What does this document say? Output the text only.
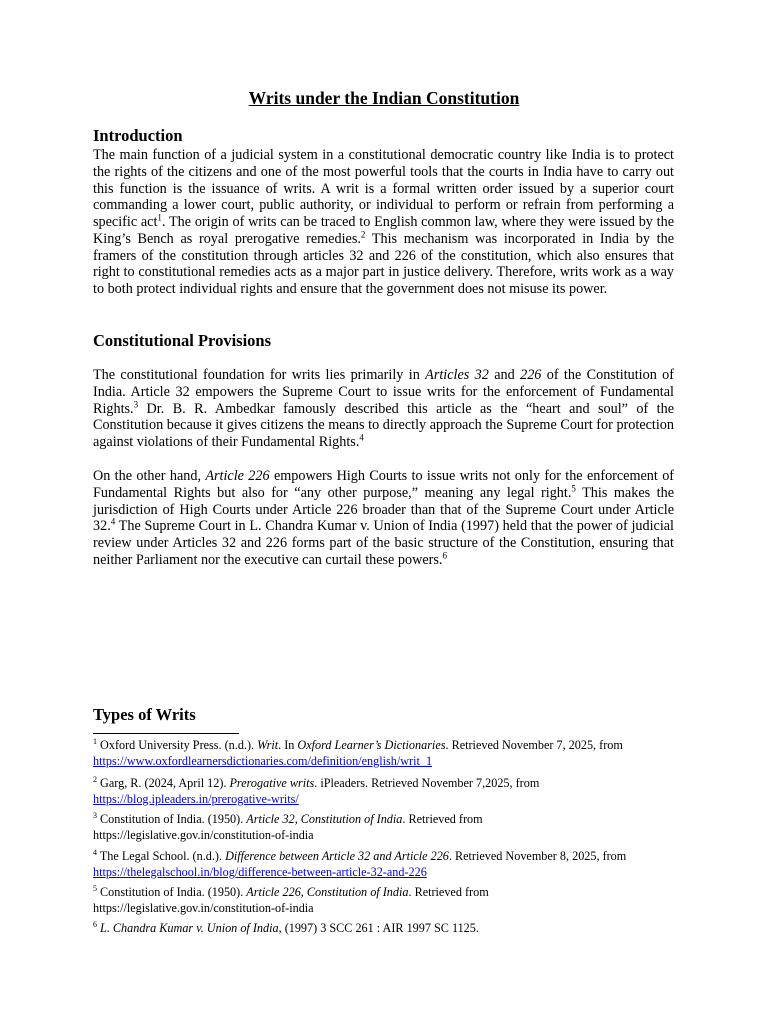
Writs under the Indian Constitution
Introduction

The main function of a judicial system in a constitutional democratic country like India is to protect the rights of the citizens and one of the most powerful tools that the courts in India have to carry out this function is the issuance of writs. A writ is a formal written order issued by a superior court commanding a lower court, public authority, or individual to perform or refrain from performing a specific act$^1$. The origin of writs can be traced to English common law, where they were issued by the King’s Bench as royal prerogative remedies.$^2$ This mechanism was incorporated in India by the framers of the constitution through articles 32 and 226 of the constitution, which also ensures that right to constitutional remedies acts as a major part in justice delivery. Therefore, writs work as a way to both protect individual rights and ensure that the government does not misuse its power.

Constitutional Provisions

The constitutional foundation for writs lies primarily in Articles 32 and 226 of the Constitution of India. Article 32 empowers the Supreme Court to issue writs for the enforcement of Fundamental Rights.$^3$ Dr. B. R. Ambedkar famously described this article as the “heart and soul” of the Constitution because it gives citizens the means to directly approach the Supreme Court for protection against violations of their Fundamental Rights.$^4$

On the other hand, Article 226 empowers High Courts to issue writs not only for the enforcement of Fundamental Rights but also for “any other purpose,” meaning any legal right.$^5$ This makes the jurisdiction of High Courts under Article 226 broader than that of the Supreme Court under Article 32.$^4$ The Supreme Court in L. Chandra Kumar v. Union of India (1997) held that the power of judicial review under Articles 32 and 226 forms part of the basic structure of the Constitution, ensuring that neither Parliament nor the executive can curtail these powers.$^6$

Types of Writs

$^1$ Oxford University Press. (n.d.). Writ. In Oxford Learner’s Dictionaries. Retrieved November 7, 2025, from
https://www.oxfordlearnersdictionaries.com/definition/english/writ_1

$^2$ Garg, R. (2024, April 12). Prerogative writs. iPleaders. Retrieved November 7,2025, from
https://blog.ipleaders.in/prerogative-writs/

$^3$ Constitution of India. (1950). Article 32, Constitution of India. Retrieved from
https://legislative.gov.in/constitution-of-india

$^4$ The Legal School. (n.d.). Difference between Article 32 and Article 226. Retrieved November 8, 2025, from
https://thelegalschool.in/blog/difference-between-article-32-and-226

$^5$ Constitution of India. (1950). Article 226, Constitution of India. Retrieved from
https://legislative.gov.in/constitution-of-india

$^6$ L. Chandra Kumar v. Union of India, (1997) 3 SCC 261 : AIR 1997 SC 1125.
